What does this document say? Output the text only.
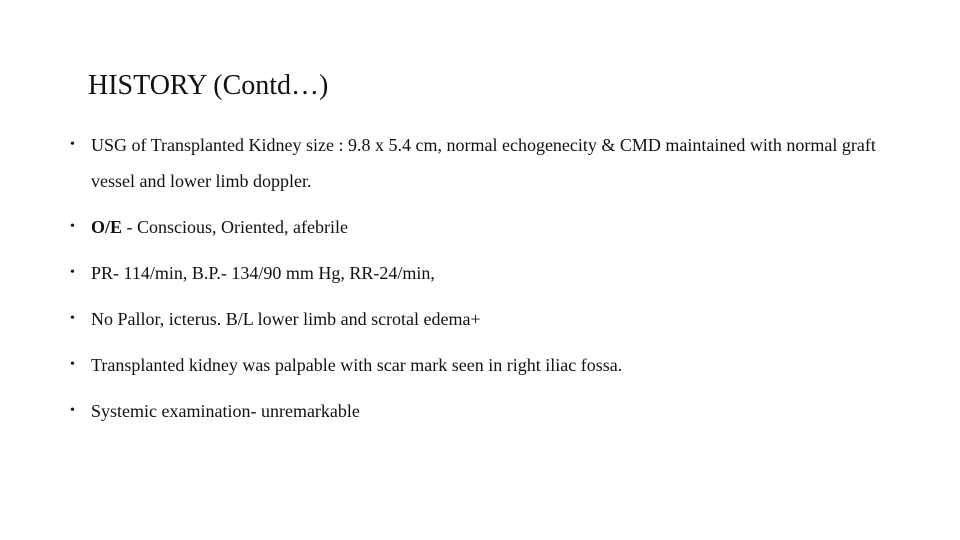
HISTORY (Contd…)
• USG of Transplanted Kidney size : 9.8 x 5.4 cm, normal echogenecity & CMD maintained with normal graft vessel and lower limb doppler.
• O/E - Conscious, Oriented, afebrile
• PR- 114/min, B.P.- 134/90 mm Hg, RR-24/min,
• No Pallor, icterus. B/L lower limb and scrotal edema+
• Transplanted kidney was palpable with scar mark seen in right iliac fossa.
• Systemic examination- unremarkable
